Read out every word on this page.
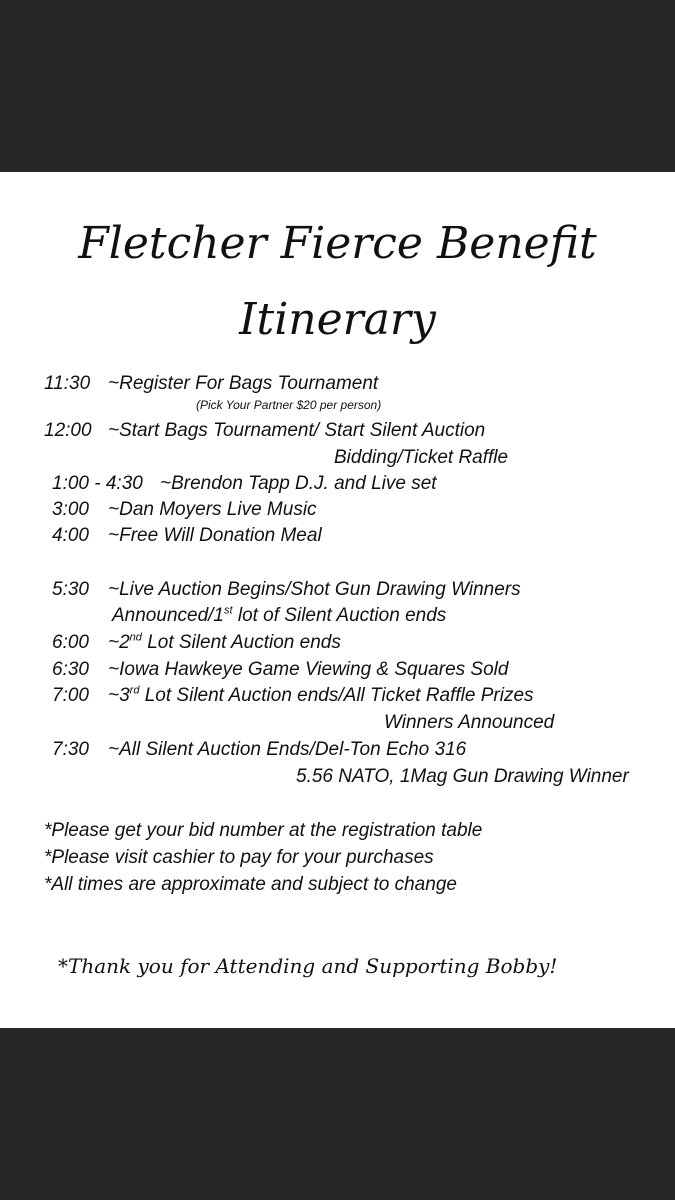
Fletcher Fierce Benefit
Itinerary
11:30 ~Register For Bags Tournament
(Pick Your Partner $20 per person)
12:00 ~Start Bags Tournament/ Start Silent Auction
Bidding/Ticket Raffle
1:00 - 4:30 ~Brendon Tapp D.J. and Live set
3:00 ~Dan Moyers Live Music
4:00 ~Free Will Donation Meal
5:30 ~Live Auction Begins/Shot Gun Drawing Winners
Announced/1st lot of Silent Auction ends
6:00 ~2nd Lot Silent Auction ends
6:30 ~Iowa Hawkeye Game Viewing & Squares Sold
7:00 ~3rd Lot Silent Auction ends/All Ticket Raffle Prizes
Winners Announced
7:30 ~All Silent Auction Ends/Del-Ton Echo 316
5.56 NATO, 1Mag Gun Drawing Winner
*Please get your bid number at the registration table
*Please visit cashier to pay for your purchases
*All times are approximate and subject to change
*Thank you for Attending and Supporting Bobby!
